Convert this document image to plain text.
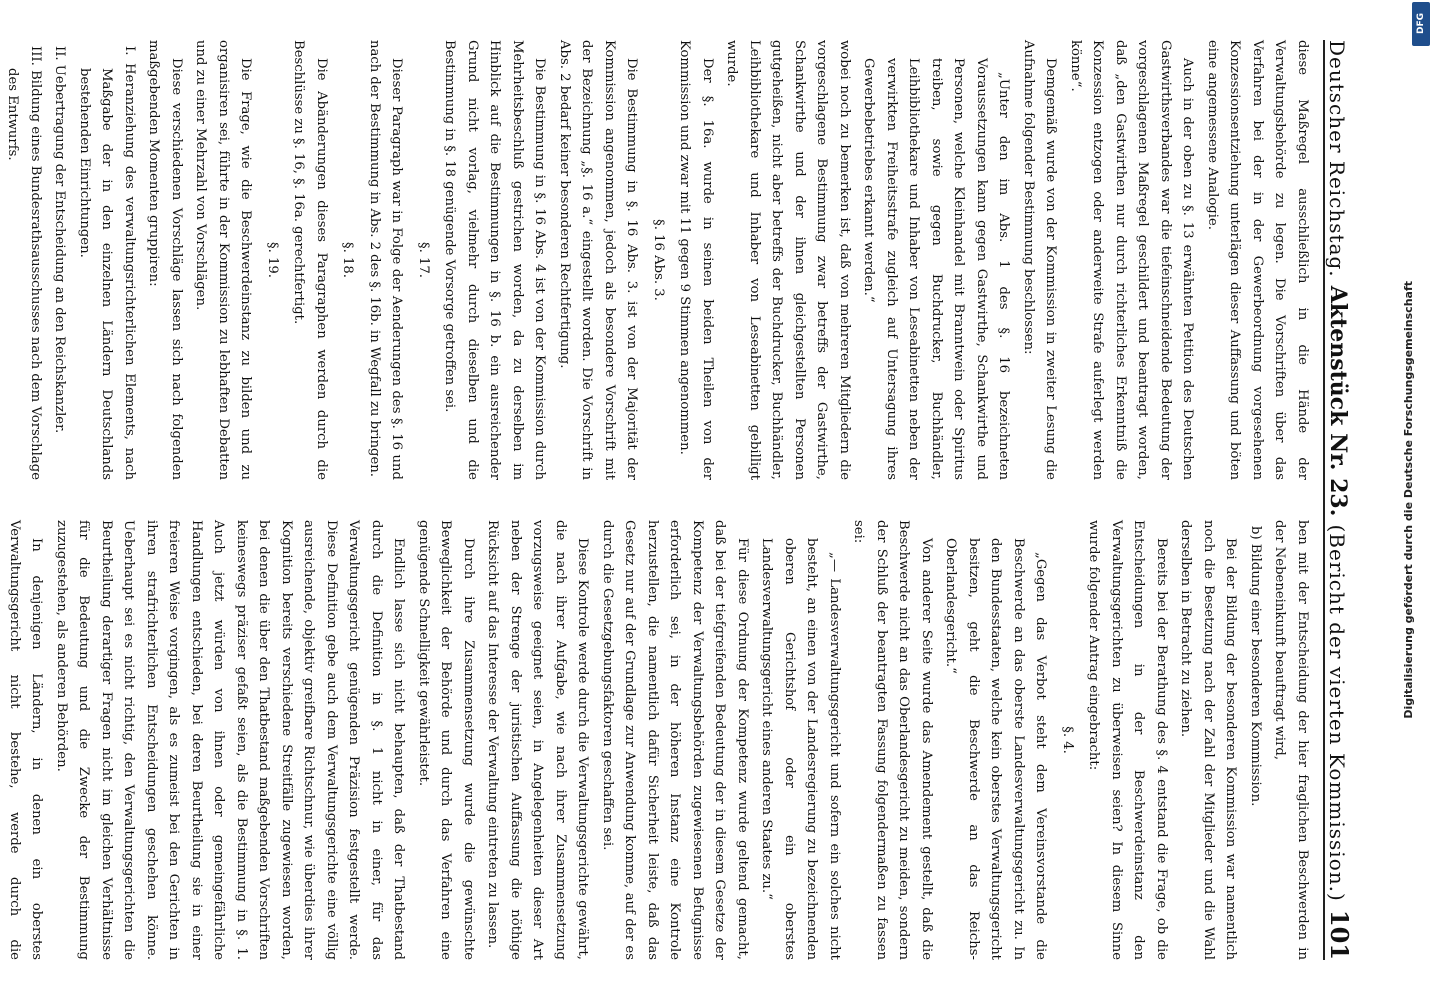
Deutscher Reichstag.
Aktenstück Nr. 23.
(Bericht der vierten Kommission.)
101
diese Maßregel ausschließlich in die Hände der Verwaltungsbehörde zu legen. Die Vorschriften über das Verfahren bei der in der Gewerbeordnung vorgesehenen Konzessionsentziehung unterlägen dieser Auffassung und böten eine angemessene Analogie.
Auch in der oben zu §. 13 erwähnten Petition des Deutschen Gastwirthsverbandes war die tiefeinschneidende Bedeutung der vorgeschlagenen Maßregel geschildert und beantragt worden, daß „den Gastwirthen nur durch richterliches Erkenntniß die Konzession entzogen oder anderweite Strafe auferlegt werden könne“.
Demgemäß wurde von der Kommission in zweiter Lesung die Aufnahme folgender Bestimmung beschlossen:
„Unter den im Abs. 1 des §. 16 bezeichneten Voraussetzungen kann gegen Gastwirthe, Schankwirthe und Personen, welche Kleinhandel mit Branntwein oder Spiritus treiben, sowie gegen Buchdrucker, Buchhändler, Leihbibliothekare und Inhaber von Leseabinetten neben der verwirkten Freiheitsstrafe zugleich auf Untersagung ihres Gewerbebetriebes erkannt werden.“
wobei noch zu bemerken ist, daß von mehreren Mitgliedern die vorgeschlagene Bestimmung zwar betreffs der Gastwirthe, Schankwirthe und der ihnen gleichgestellten Personen gutgeheißen, nicht aber betreffs der Buchdrucker, Buchhändler, Leihbibliothekare und Inhaber von Leseabinetten gebilligt wurde.
Der §. 16a. wurde in seinen beiden Theilen von der Kommission und zwar mit 11 gegen 9 Stimmen angenommen.
§. 16 Abs. 3.
Die Bestimmung in §. 16 Abs. 3. ist von der Majorität der Kommission angenommen, jedoch als besondere Vorschrift mit der Bezeichnung „§. 16 a.“ eingestellt worden. Die Vorschrift in Abs. 2 bedarf keiner besonderen Rechtfertigung.
Die Bestimmung in §. 16 Abs. 4 ist von der Kommission durch Mehrheitsbeschluß gestrichen worden, da zu derselben im Hinblick auf die Bestimmungen in §. 16 b. ein ausreichender Grund nicht vorlag, vielmehr durch dieselben und die Bestimmung in §. 18 genügende Vorsorge getroffen sei.
§. 17.
Dieser Paragraph war in Folge der Aenderungen des §. 16 und nach der Bestimmung in Abs. 2 des §. 16b. in Wegfall zu bringen.
§. 18.
Die Abänderungen dieses Paragraphen werden durch die Beschlüsse zu §. 16, §. 16a. gerechtfertigt.
§. 19.
Die Frage, wie die Beschwerdeinstanz zu bilden und zu organisiren sei, führte in der Kommission zu lebhaften Debatten und zu einer Mehrzahl von Vorschlägen.
Diese verschiedenen Vorschläge lassen sich nach folgenden maßgebenden Momenten gruppiren:
I. Heranziehung des verwaltungsrichterlichen Elements, nach Maßgabe der in den einzelnen Ländern Deutschlands bestehenden Einrichtungen.
II. Uebertragung der Entscheidung an den Reichskanzler.
III. Bildung eines Bundesrathsausschusses nach dem Vorschlage des Entwurfs.
ben mit der Entscheidung der hier fraglichen Beschwerden in der Nebeneinkunft beauftragt wird,
b) Bildung einer besonderen Kommission.
Bei der Bildung der besonderen Kommission war namentlich noch die Besetzung nach der Zahl der Mitglieder und die Wahl derselben in Betracht zu ziehen.
Bereits bei der Berathung des §. 4 entstand die Frage, ob die Entscheidungen in der Beschwerdeinstanz den Verwaltungsgerichten zu überweisen seien? In diesem Sinne wurde folgender Antrag eingebracht:
§. 4.
„Gegen das Verbot steht dem Vereinsvorstande die Beschwerde an das oberste Landesverwaltungsgericht zu. In den Bundesstaaten, welche kein oberstes Verwaltungsgericht besitzen, geht die Beschwerde an das Reichs-Oberlandesgericht.“
Von anderer Seite wurde das Amendement gestellt, daß die Beschwerde nicht an das Oberlandesgericht zu meiden, sondern der Schluß der beantragten Fassung folgendermaßen zu fassen sei:
„— Landesverwaltungsgericht und sofern ein solches nicht besteht, an einen von der Landesregierung zu bezeichnenden oberen Gerichtshof oder ein oberstes Landesverwaltungsgericht eines anderen Staates zu.“
Für diese Ordnung der Kompetenz wurde geltend gemacht, daß bei der tiefgreifenden Bedeutung der in diesem Gesetze der Kompetenz der Verwaltungsbehörden zugewiesenen Befugnisse erforderlich sei, in der höheren Instanz eine Kontrole herzustellen, die namentlich dafür Sicherheit leiste, daß das Gesetz nur auf der Grundlage zur Anwendung komme, auf der es durch die Gesetzgebungsfaktoren geschaffen sei.
Diese Kontrole werde durch die Verwaltungsgerichte gewährt, die nach ihrer Aufgabe, wie nach ihrer Zusammensetzung vorzugsweise geeignet seien, in Angelegenheiten dieser Art neben der Strenge der juristischen Auffassung die nöthige Rücksicht auf das Interesse der Verwaltung eintreten zu lassen.
Durch ihre Zusammensetzung wurde die gewünschte Beweglichkeit der Behörde und durch das Verfahren eine genügende Schnelligkeit gewährleistet.
Endlich lasse sich nicht behaupten, daß der Thatbestand durch die Definition in §. 1 nicht in einer, für das Verwaltungsgericht genügenden Präzision festgestellt werde. Diese Definition gebe auch dem Verwaltungsgerichte eine völlig ausreichende, objektiv greifbare Richtschnur, wie überdies ihrer Kognition bereits verschiedene Streitfälle zugewiesen worden, bei denen die über den Thatbestand maßgebenden Vorschriften keineswegs präziser gefaßt seien, als die Bestimmung in §. 1. Auch jetzt würden von ihnen oder gemeingefährliche Handlungen entschieden, bei deren Beurtheilung sie in einer freieren Weise vorgingen, als es zumeist bei den Gerichten in ihren strafrichterlichen Entscheidungen geschehen könne. Ueberhaupt sei es nicht richtig, den Verwaltungsgerichten die Beurtheilung derartiger Fragen nicht im gleichen Verhältnisse für die Bedeutung und die Zwecke der Bestimmung zuzugestehen, als anderen Behörden.
In denjenigen Ländern, in denen ein oberstes Verwaltungsgericht nicht bestehe, werde durch die
Digitalisierung gefördert durch die Deutsche Forschungsgemeinschaft
DFG
